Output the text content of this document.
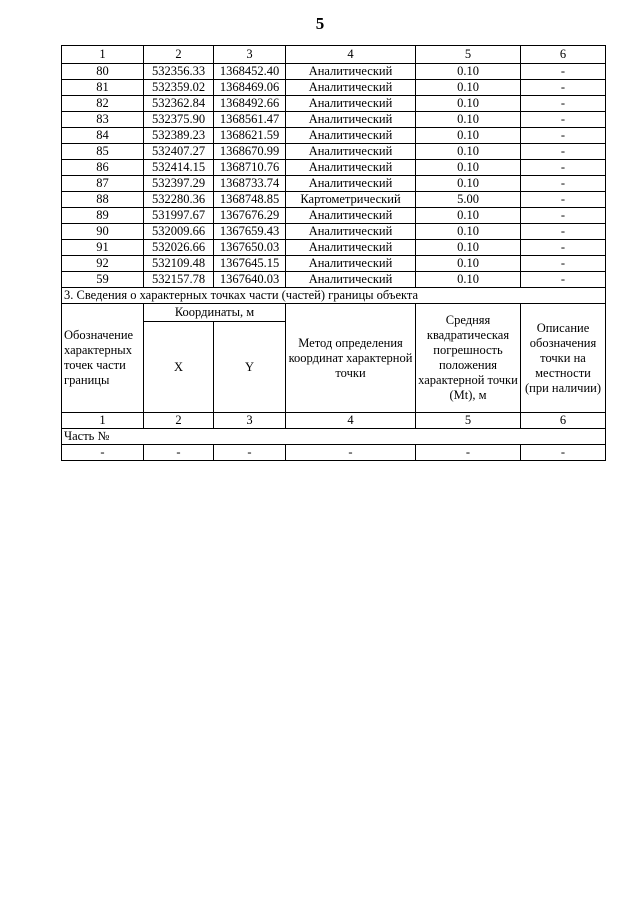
5
1	2	3	4	5	6
80	532356.33	1368452.40	Аналитический	0.10	-
81	532359.02	1368469.06	Аналитический	0.10	-
82	532362.84	1368492.66	Аналитический	0.10	-
83	532375.90	1368561.47	Аналитический	0.10	-
84	532389.23	1368621.59	Аналитический	0.10	-
85	532407.27	1368670.99	Аналитический	0.10	-
86	532414.15	1368710.76	Аналитический	0.10	-
87	532397.29	1368733.74	Аналитический	0.10	-
88	532280.36	1368748.85	Картометрический	5.00	-
89	531997.67	1367676.29	Аналитический	0.10	-
90	532009.66	1367659.43	Аналитический	0.10	-
91	532026.66	1367650.03	Аналитический	0.10	-
92	532109.48	1367645.15	Аналитический	0.10	-
59	532157.78	1367640.03	Аналитический	0.10	-
3. Сведения о характерных точках части (частей) границы объекта					

Обозначение
характерных
точек части
границы	Координаты, м		Метод определения координат характерной точки	Средняя квадратическая погрешность положения характерной точки (Mt), м	Описание обозначения точки на местности (при наличии)
	X	Y			
1	2	3	4	5	6
Часть №					
-	-	-	-	-	-
